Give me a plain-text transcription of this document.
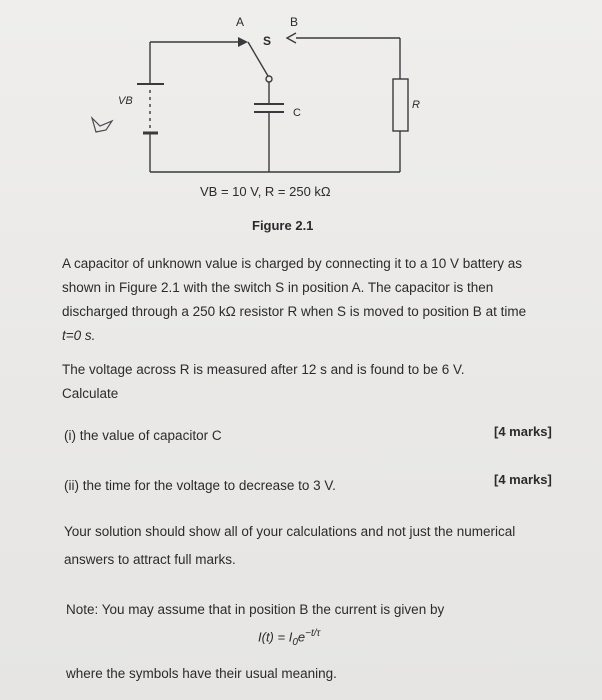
A	B
S
VB
C
R
VB = 10 V, R = 250 kΩ
Figure 2.1
A capacitor of unknown value is charged by connecting it to a 10 V battery as
shown in Figure 2.1 with the switch S in position A. The capacitor is then
discharged through a 250 kΩ resistor R when S is moved to position B at time
t=0 s.
The voltage across R is measured after 12 s and is found to be 6 V.
Calculate
(i) the value of capacitor C	[4 marks]
(ii) the time for the voltage to decrease to 3 V.	[4 marks]
Your solution should show all of your calculations and not just the numerical
answers to attract full marks.
Note: You may assume that in position B the current is given by
$I(t) = I_0e^{-t/\tau}$
where the symbols have their usual meaning.
